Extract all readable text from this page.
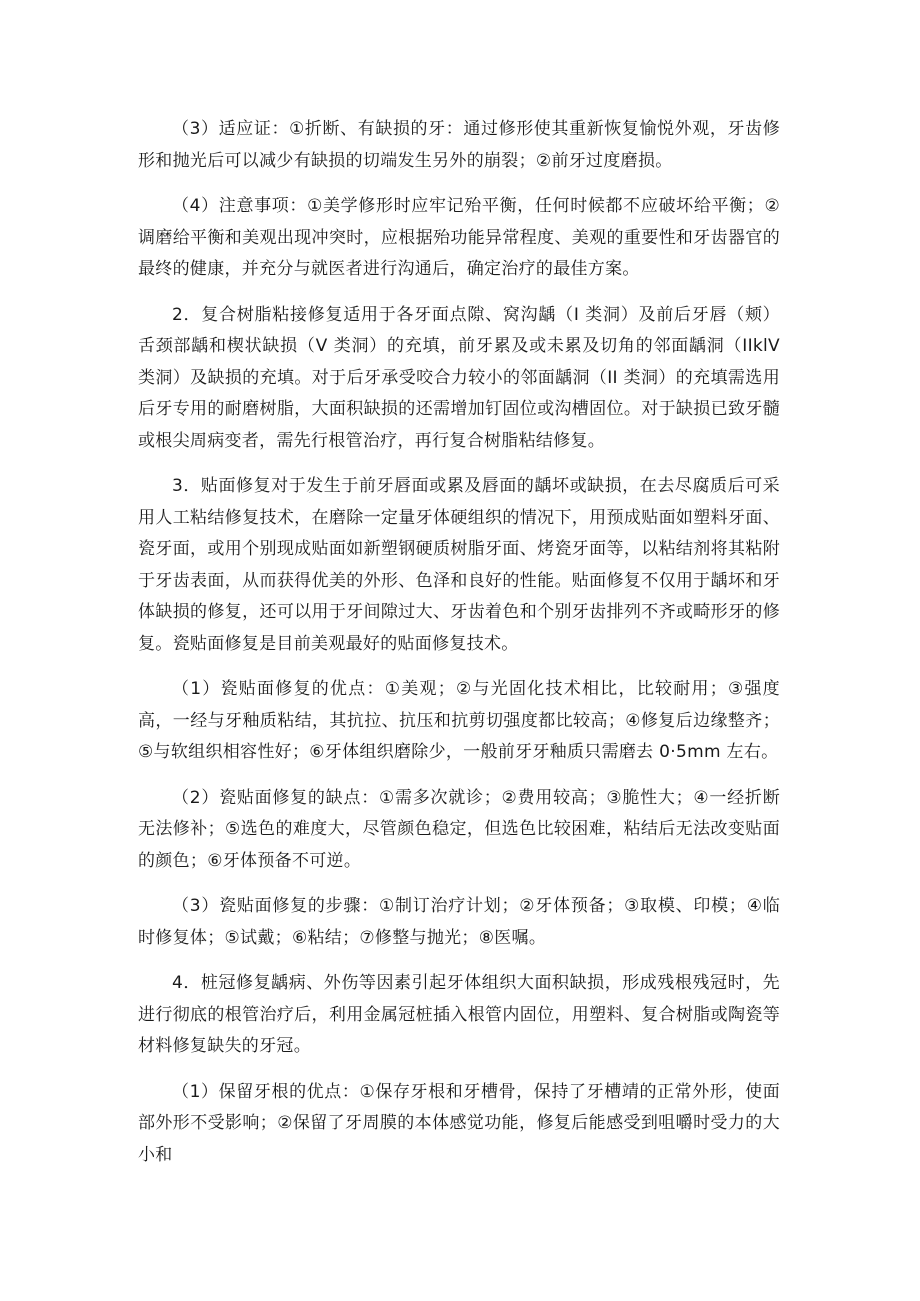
（3）适应证：①折断、有缺损的牙：通过修形使其重新恢复愉悦外观，牙齿修形和抛光后可以减少有缺损的切端发生另外的崩裂；②前牙过度磨损。

（4）注意事项：①美学修形时应牢记殆平衡，任何时候都不应破坏给平衡；②调磨给平衡和美观出现冲突时，应根据殆功能异常程度、美观的重要性和牙齿器官的最终的健康，并充分与就医者进行沟通后，确定治疗的最佳方案。

2．复合树脂粘接修复适用于各牙面点隙、窝沟龋（I 类洞）及前后牙唇（颊）舌颈部龋和楔状缺损（V 类洞）的充填，前牙累及或未累及切角的邻面龋洞（IIklV 类洞）及缺损的充填。对于后牙承受咬合力较小的邻面龋洞（II 类洞）的充填需选用后牙专用的耐磨树脂，大面积缺损的还需增加钉固位或沟槽固位。对于缺损已致牙髓或根尖周病变者，需先行根管治疗，再行复合树脂粘结修复。

3．贴面修复对于发生于前牙唇面或累及唇面的龋坏或缺损，在去尽腐质后可采用人工粘结修复技术，在磨除一定量牙体硬组织的情况下，用预成贴面如塑料牙面、瓷牙面，或用个别现成贴面如新塑钢硬质树脂牙面、烤瓷牙面等，以粘结剂将其粘附于牙齿表面，从而获得优美的外形、色泽和良好的性能。贴面修复不仅用于龋坏和牙体缺损的修复，还可以用于牙间隙过大、牙齿着色和个别牙齿排列不齐或畸形牙的修复。瓷贴面修复是目前美观最好的贴面修复技术。

（1）瓷贴面修复的优点：①美观；②与光固化技术相比，比较耐用；③强度高，一经与牙釉质粘结，其抗拉、抗压和抗剪切强度都比较高；④修复后边缘整齐；⑤与软组织相容性好；⑥牙体组织磨除少，一般前牙牙釉质只需磨去 0·5mm 左右。

（2）瓷贴面修复的缺点：①需多次就诊；②费用较高；③脆性大；④一经折断无法修补；⑤选色的难度大，尽管颜色稳定，但选色比较困难，粘结后无法改变贴面的颜色；⑥牙体预备不可逆。

（3）瓷贴面修复的步骤：①制订治疗计划；②牙体预备；③取模、印模；④临时修复体；⑤试戴；⑥粘结；⑦修整与抛光；⑧医嘱。

4．桩冠修复龋病、外伤等因素引起牙体组织大面积缺损，形成残根残冠时，先进行彻底的根管治疗后，利用金属冠桩插入根管内固位，用塑料、复合树脂或陶瓷等材料修复缺失的牙冠。

（1）保留牙根的优点：①保存牙根和牙槽骨，保持了牙槽靖的正常外形，使面部外形不受影响；②保留了牙周膜的本体感觉功能，修复后能感受到咀嚼时受力的大小和
